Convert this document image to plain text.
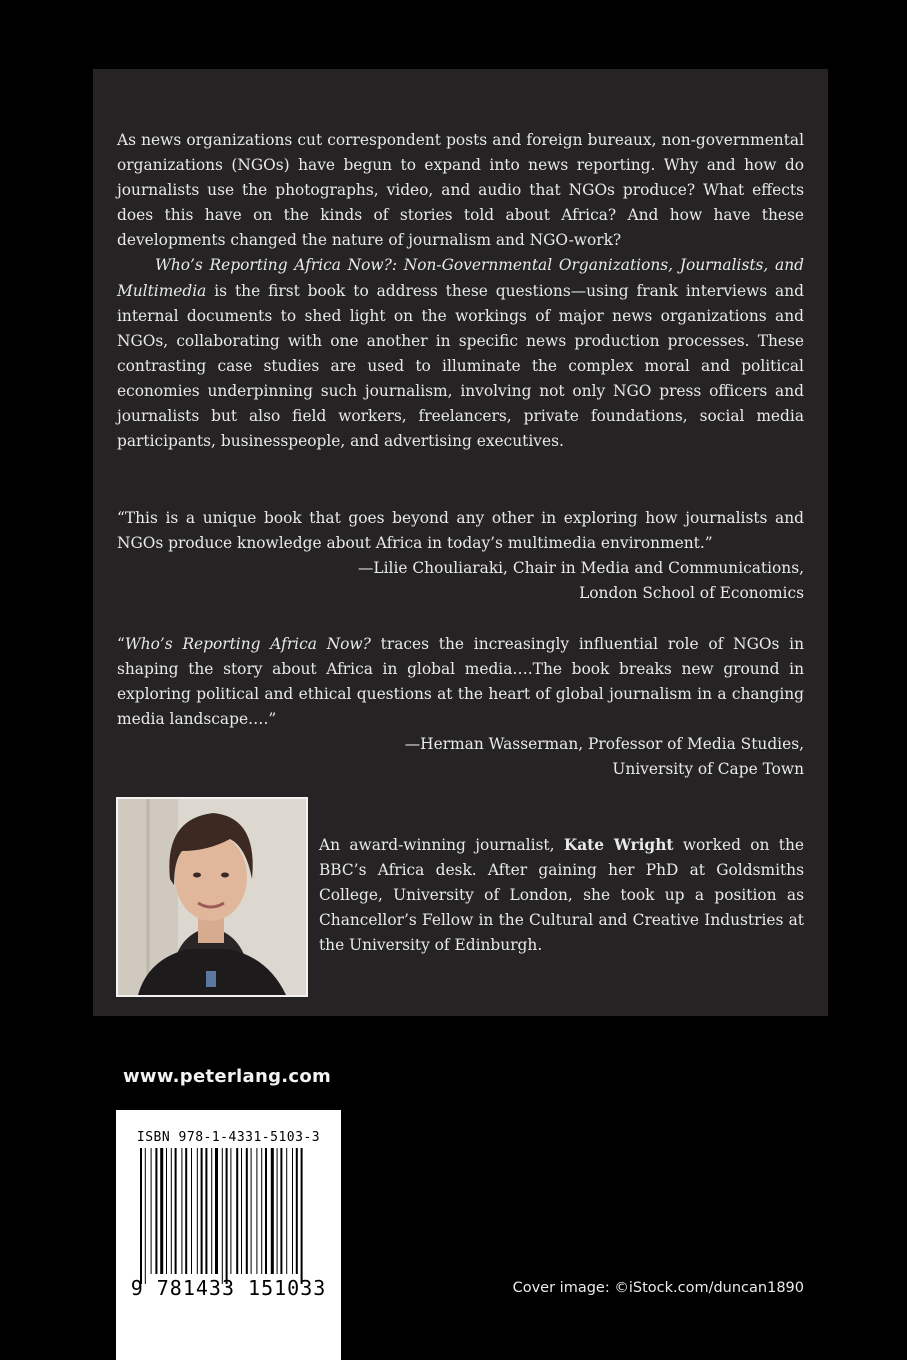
As news organizations cut correspondent posts and foreign bureaux, non-governmental organizations (NGOs) have begun to expand into news reporting. Why and how do journalists use the photographs, video, and audio that NGOs produce? What effects does this have on the kinds of stories told about Africa? And how have these developments changed the nature of journalism and NGO-work?

Who’s Reporting Africa Now?: Non-Governmental Organizations, Journalists, and Multimedia is the first book to address these questions—using frank interviews and internal documents to shed light on the workings of major news organizations and NGOs, collaborating with one another in specific news production processes. These contrasting case studies are used to illuminate the complex moral and political economies underpinning such journalism, involving not only NGO press officers and journalists but also field workers, freelancers, private foundations, social media participants, businesspeople, and advertising executives.

“This is a unique book that goes beyond any other in exploring how journalists and NGOs produce knowledge about Africa in today’s multimedia environment.”

—Lilie Chouliaraki, Chair in Media and Communications,

London School of Economics

“Who’s Reporting Africa Now? traces the increasingly influential role of NGOs in shaping the story about Africa in global media….The book breaks new ground in exploring political and ethical questions at the heart of global journalism in a changing media landscape….”

—Herman Wasserman, Professor of Media Studies,

University of Cape Town

An award-winning journalist, Kate Wright worked on the BBC’s Africa desk. After gaining her PhD at Goldsmiths College, University of London, she took up a position as Chancellor’s Fellow in the Cultural and Creative Industries at the University of Edinburgh.

www.peterlang.com
ISBN 978-1-4331-5103-3
9 781433 151033	Cover image: ©iStock.com/duncan1890
